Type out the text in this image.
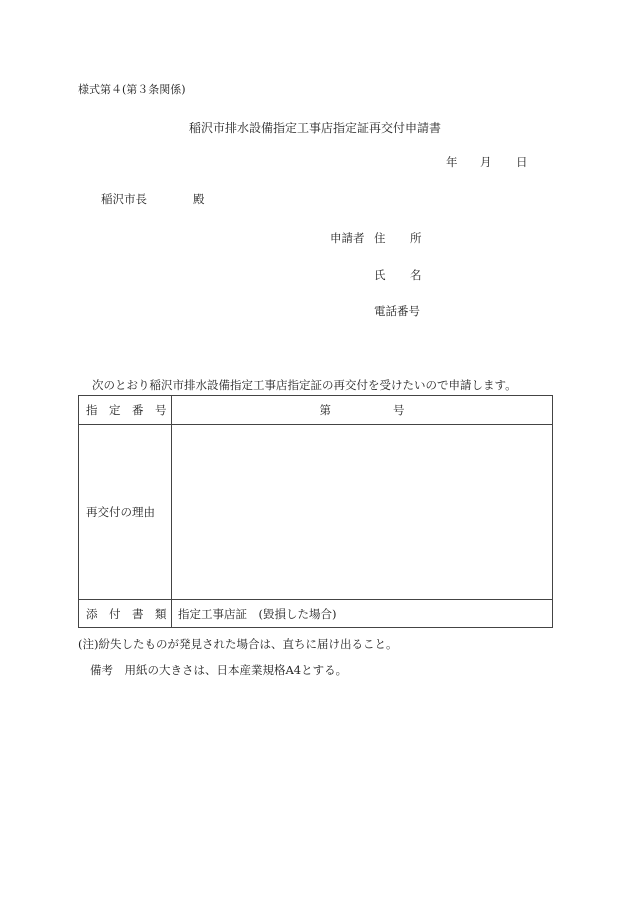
様式第４(第３条関係)
稲沢市排水設備指定工事店指定証再交付申請書
年 月 日
稲沢市長	殿
申請者 住 所
氏 名
電話番号
次のとおり稲沢市排水設備指定工事店指定証の再交付を受けたいので申請します。
指　定　番　号	第 号
再交付の理由	
添　付　書　類	指定工事店証　(毀損した場合)
(注)紛失したものが発見された場合は、直ちに届け出ること。
備考　用紙の大きさは、日本産業規格A4とする。
